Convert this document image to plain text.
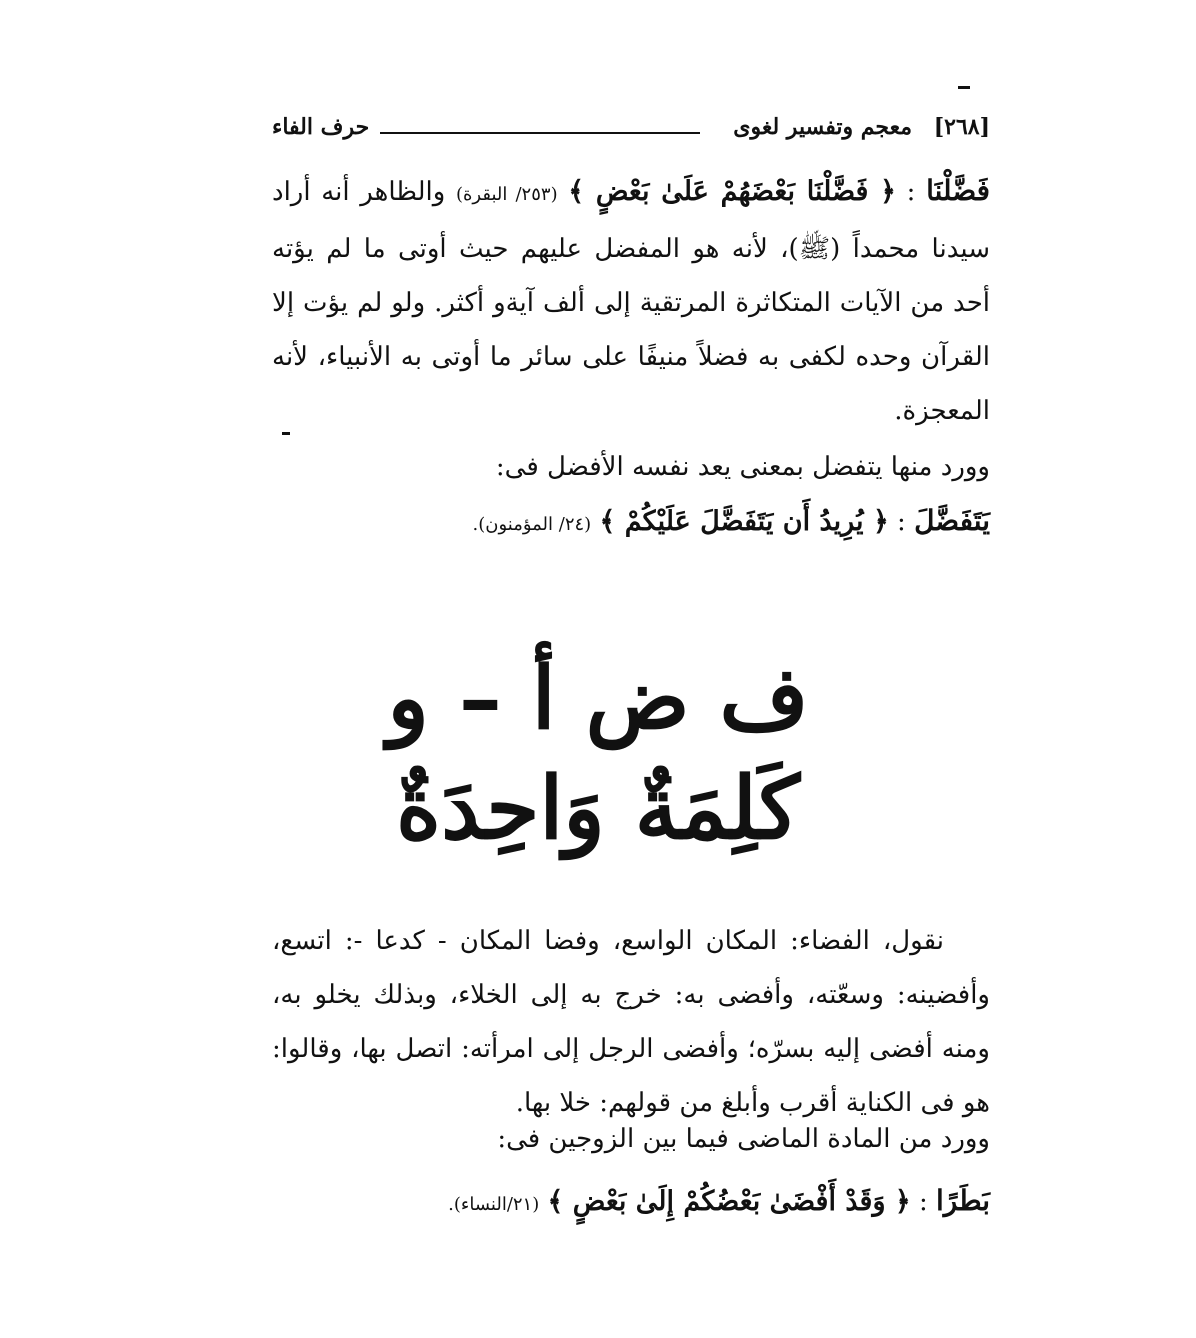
[٢٦٨]
معجم وتفسير لغوى
حرف الفاء
فَضَّلْنَا : ﴿ فَضَّلْنَا بَعْضَهُمْ عَلَىٰ بَعْضٍ ﴾ (٢٥٣/ البقرة) والظاهر أنه أراد سيدنا محمداً (ﷺ)، لأنه هو المفضل عليهم حيث أوتى ما لم يؤته أحد من الآيات المتكاثرة المرتقية إلى ألف آيةو أكثر. ولو لم يؤت إلا القرآن وحده لكفى به فضلاً منيفًا على سائر ما أوتى به الأنبياء، لأنه المعجزة.
وورد منها يتفضل بمعنى يعد نفسه الأفضل فى:
يَتَفَضَّلَ : ﴿ يُرِيدُ أَن يَتَفَضَّلَ عَلَيْكُمْ ﴾ (٢٤/ المؤمنون).
ف ض أ – و
كَلِمَةٌ وَاحِدَةٌ
نقول، الفضاء: المكان الواسع، وفضا المكان - كدعا -: اتسع، وأفضينه: وسعّته، وأفضى به: خرج به إلى الخلاء، وبذلك يخلو به، ومنه أفضى إليه بسرّه؛ وأفضى الرجل إلى امرأته: اتصل بها، وقالوا: هو فى الكناية أقرب وأبلغ من قولهم: خلا بها.
وورد من المادة الماضى فيما بين الزوجين فى:
بَطَرًا : ﴿ وَقَدْ أَفْضَىٰ بَعْضُكُمْ إِلَىٰ بَعْضٍ ﴾ (٢١/النساء).
